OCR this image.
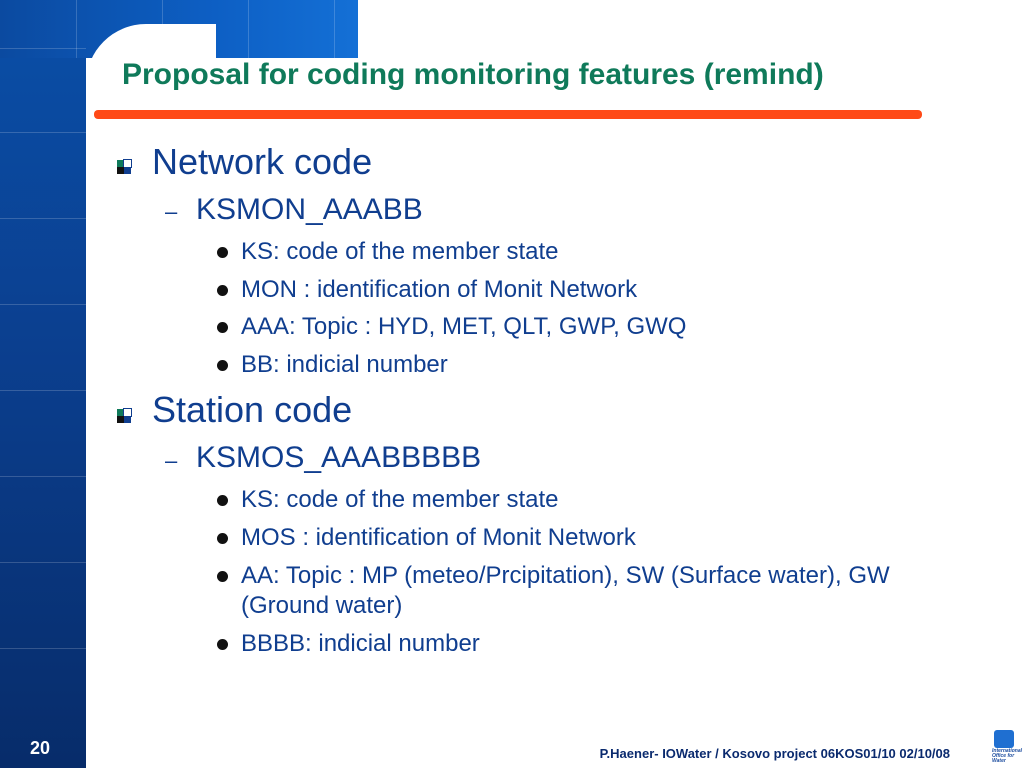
Proposal for coding monitoring features (remind)
Network code
– KSMON_AAABB
KS: code of the member state
MON : identification of Monit Network
AAA: Topic : HYD, MET, QLT, GWP, GWQ
BB: indicial number
Station code
– KSMOS_AAABBBBB
KS: code of the member state
MOS : identification of Monit Network
AA: Topic : MP (meteo/Prcipitation), SW (Surface water), GW (Ground water)
BBBB: indicial number
20	P.Haener- IOWater / Kosovo project 06KOS01/10 02/10/08	International Office for Water
